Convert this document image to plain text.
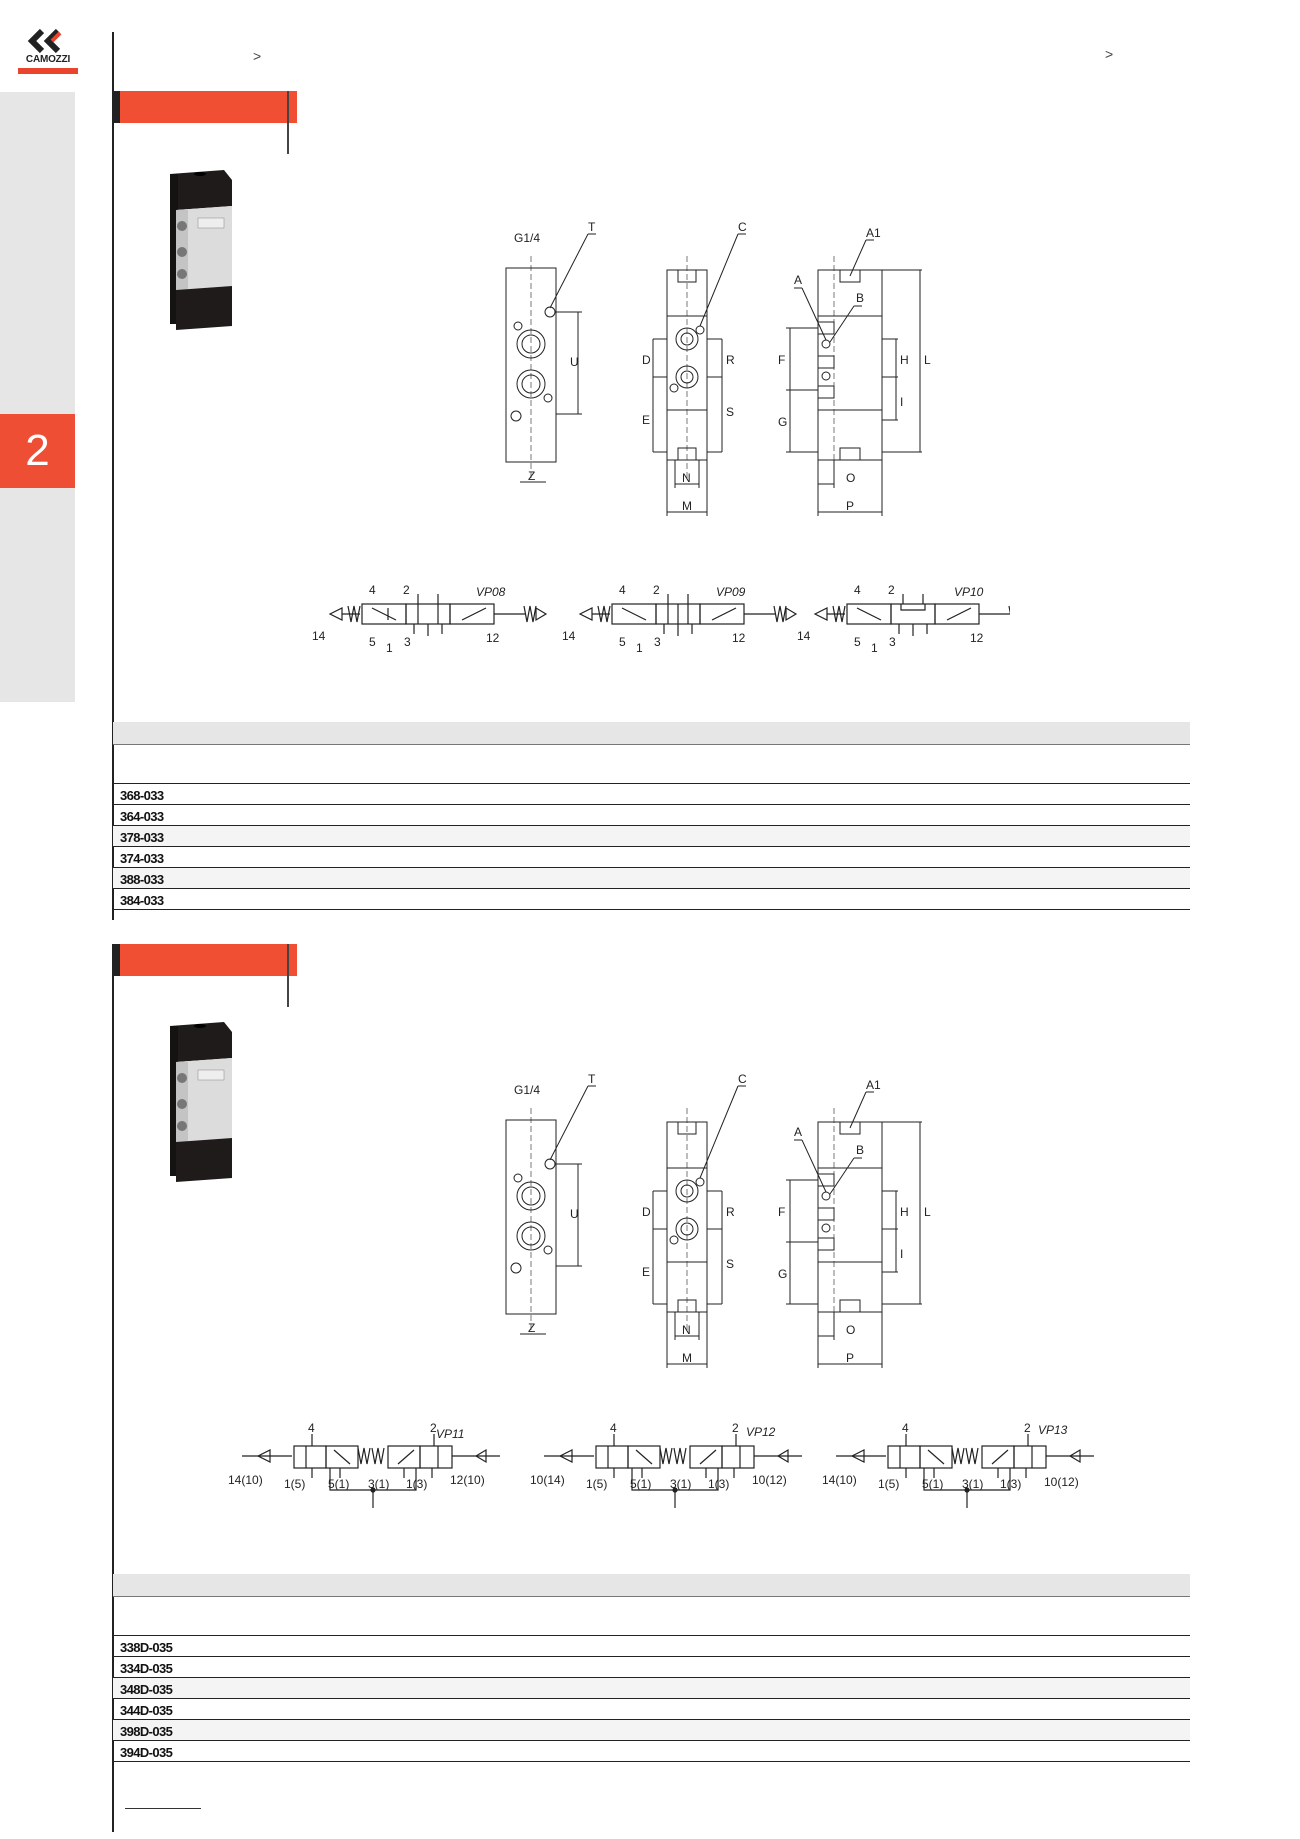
CAMOZZI	>	>
2
G1/4
T	C	A1
A
B
U	D
E
R
S
F
G
H
I
L
Z	N
M
O
P
VP08
14	12
4 2
5 1 3
VP09
14	12
4 2
5 1 3
VP10
14	12
4 2
5 1 3
368-033
364-033
378-033
374-033
388-033
384-033
G1/4
T	C	A1
A
B
U	D
E
R
S
F
G
H
I
L
Z	N
M
O
P
VP11
14(10)	12(10)
4	2
1(5) 5(1) 3(1) 1(3)
VP12
10(14)	10(12)
4	2
1(5) 5(1) 3(1) 1(3)
VP13
14(10)	10(12)
4	2
1(5) 5(1) 3(1) 1(3)
338D-035
334D-035
348D-035
344D-035
398D-035
394D-035
